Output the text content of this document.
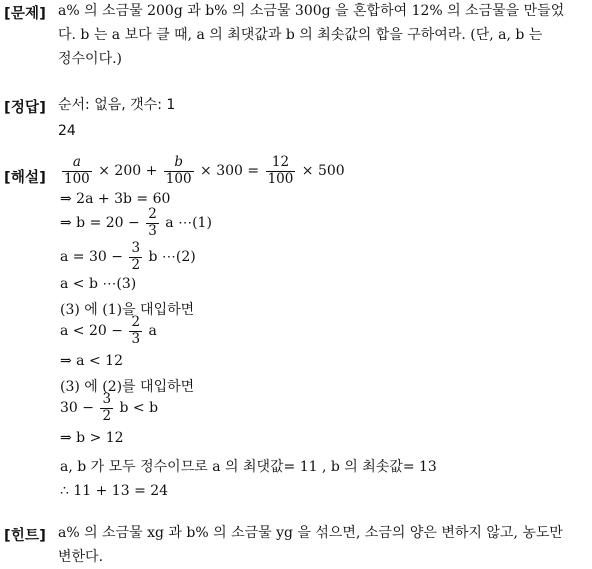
[문제] a% 의 소금물 200g 과 b% 의 소금물 300g 을 혼합하여 12% 의 소금물을 만들었
다. b 는 a 보다 클 때, a 의 최댓값과 b 의 최솟값의 합을 구하여라. (단, a, b 는
정수이다.)
[정답] 순서: 없음, 갯수: 1
24
[해설] $\frac{a}{100} \times 200 + \frac{b}{100} \times 300 = \frac{12}{100} \times 500$
⇒ 2a + 3b = 60
⇒ $b = 20 - \frac{2}{3}$ a ⋯(1)
$a = 30 - \frac{3}{2}$ b ⋯(2)
a < b ⋯(3)
(3) 에 (1)을 대입하면
$a < 20 - \frac{2}{3}$ a
⇒ a < 12
(3) 에 (2)를 대입하면
$30 - \frac{3}{2}$ b < b
⇒ b > 12
a, b 가 모두 정수이므로 a 의 최댓값= 11 , b 의 최솟값= 13
∴ 11 + 13 = 24
[힌트] a% 의 소금물 xg 과 b% 의 소금물 yg 을 섞으면, 소금의 양은 변하지 않고, 농도만
변한다.
